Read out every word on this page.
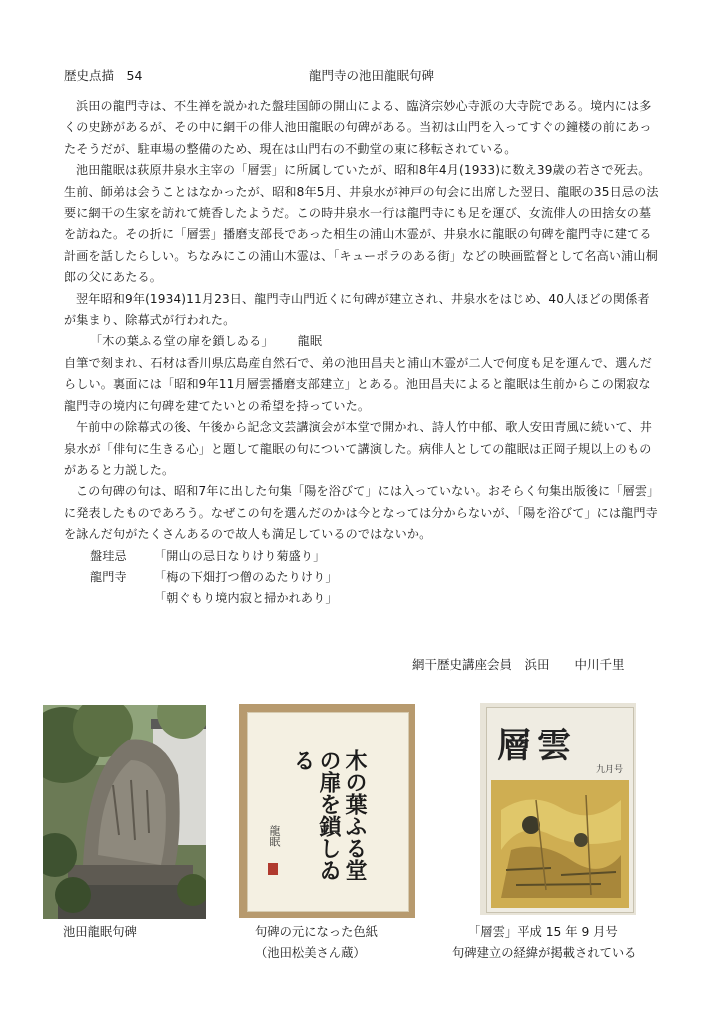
歴史点描　54	龍門寺の池田龍眠句碑

浜田の龍門寺は、不生禅を説かれた盤珪国師の開山による、臨済宗妙心寺派の大寺院である。境内には多くの史跡があるが、その中に網干の俳人池田龍眠の句碑がある。当初は山門を入ってすぐの鐘楼の前にあったそうだが、駐車場の整備のため、現在は山門右の不動堂の東に移転されている。

池田龍眠は荻原井泉水主宰の「層雲」に所属していたが、昭和8年4月(1933)に数え39歳の若さで死去。生前、師弟は会うことはなかったが、昭和8年5月、井泉水が神戸の句会に出席した翌日、龍眠の35日忌の法要に網干の生家を訪れて焼香したようだ。この時井泉水一行は龍門寺にも足を運び、女流俳人の田捨女の墓を訪ねた。その折に「層雲」播磨支部長であった相生の浦山木霊が、井泉水に龍眠の句碑を龍門寺に建てる計画を話したらしい。ちなみにこの浦山木霊は、「キューポラのある街」などの映画監督として名高い浦山桐郎の父にあたる。

翌年昭和9年(1934)11月23日、龍門寺山門近くに句碑が建立され、井泉水をはじめ、40人ほどの関係者が集まり、除幕式が行われた。

「木の葉ふる堂の扉を鎖しゐる」 龍眠

自筆で刻まれ、石材は香川県広島産自然石で、弟の池田昌夫と浦山木霊が二人で何度も足を運んで、選んだらしい。裏面には「昭和9年11月層雲播磨支部建立」とある。池田昌夫によると龍眠は生前からこの閑寂な龍門寺の境内に句碑を建てたいとの希望を持っていた。

午前中の除幕式の後、午後から記念文芸講演会が本堂で開かれ、詩人竹中郁、歌人安田青風に続いて、井泉水が「俳句に生きる心」と題して龍眠の句について講演した。病俳人としての龍眠は正岡子規以上のものがあると力説した。

この句碑の句は、昭和7年に出した句集「陽を浴びて」には入っていない。おそらく句集出版後に「層雲」に発表したものであろう。なぜこの句を選んだのかは今となっては分からないが、「陽を浴びて」には龍門寺を詠んだ句がたくさんあるので故人も満足しているのではないか。

盤珪忌	「開山の忌日なりけり菊盛り」
龍門寺	「梅の下畑打つ僧のゐたりけり」
「朝ぐもり境内寂と掃かれあり」
網干歴史講座会員　浜田　　中川千里
池田龍眠句碑
木の葉ふる堂の扉を鎖しゐる
龍眠
句碑の元になった色紙
（池田松美さん蔵）
層雲
九月号
「層雲」平成 15 年 9 月号
句碑建立の経緯が掲載されている
